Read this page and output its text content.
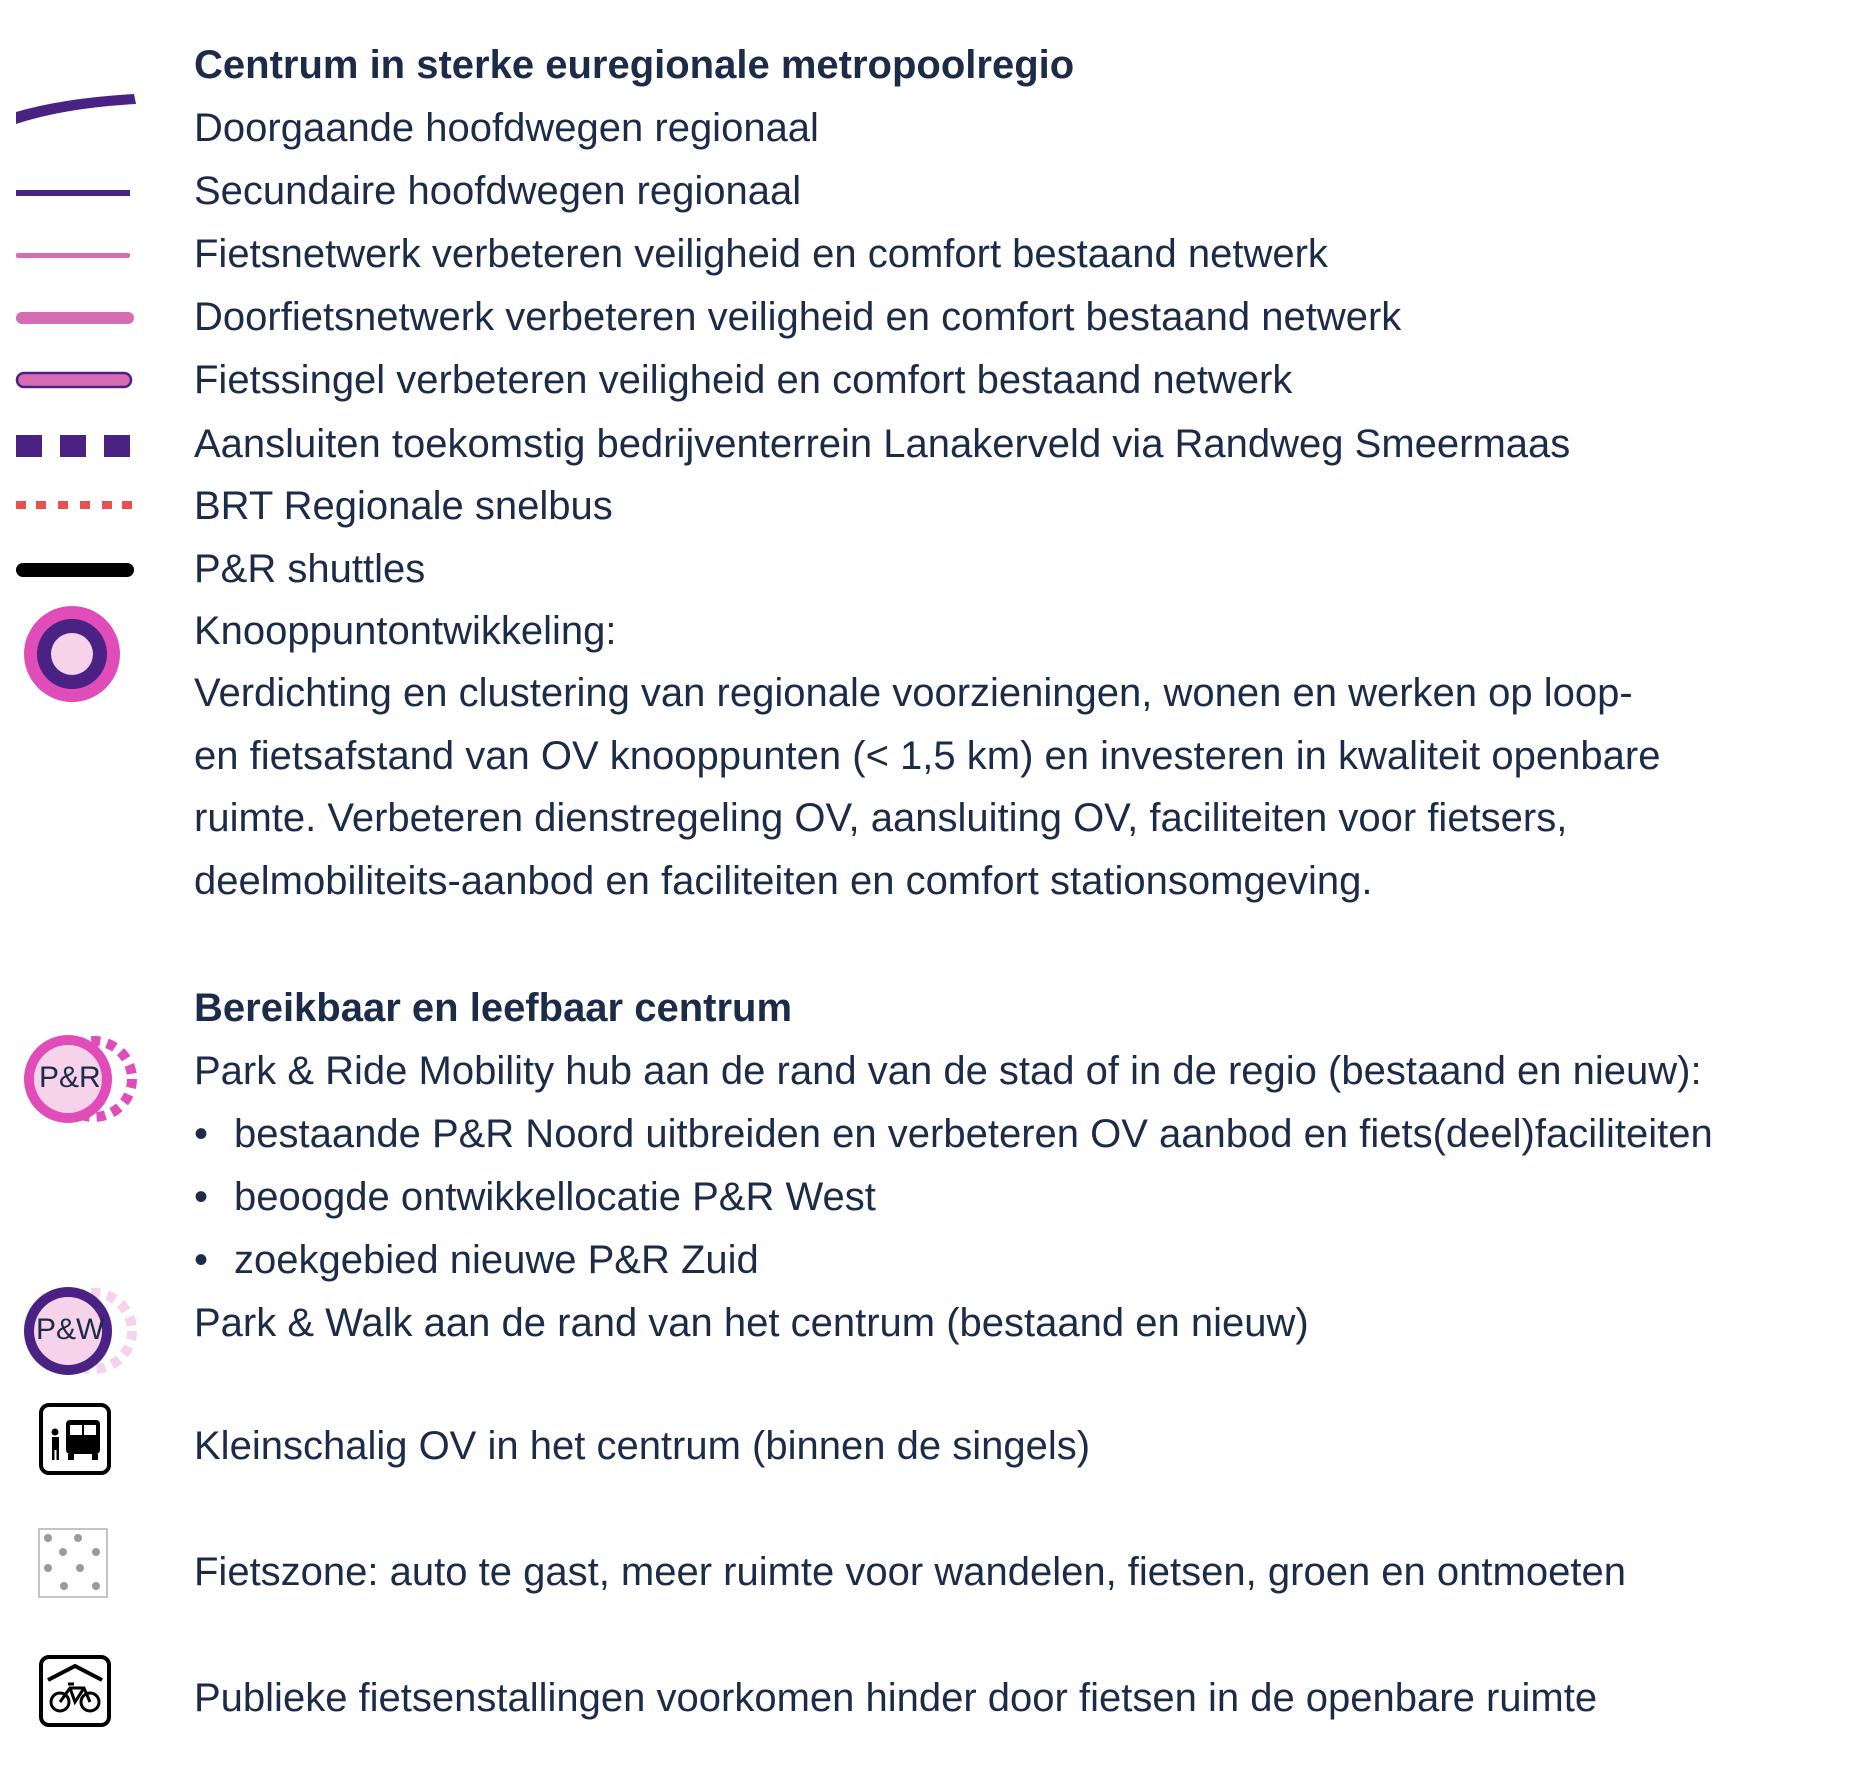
Centrum in sterke euregionale metropoolregio
Doorgaande hoofdwegen regionaal
Secundaire hoofdwegen regionaal
Fietsnetwerk verbeteren veiligheid en comfort bestaand netwerk
Doorfietsnetwerk verbeteren veiligheid en comfort bestaand netwerk
Fietssingel verbeteren veiligheid en comfort bestaand netwerk
Aansluiten toekomstig bedrijventerrein Lanakerveld via Randweg Smeermaas
BRT Regionale snelbus
P&R shuttles
Knooppuntontwikkeling:
Verdichting en clustering van regionale voorzieningen, wonen en werken op loop-
en fietsafstand van OV knooppunten (< 1,5 km) en investeren in kwaliteit openbare
ruimte. Verbeteren dienstregeling OV, aansluiting OV, faciliteiten voor fietsers,
deelmobiliteits-aanbod en faciliteiten en comfort stationsomgeving.
Bereikbaar en leefbaar centrum
P&R Park & Ride Mobility hub aan de rand van de stad of in de regio (bestaand en nieuw):
• bestaande P&R Noord uitbreiden en verbeteren OV aanbod en fiets(deel)faciliteiten
• beoogde ontwikkellocatie P&R West
• zoekgebied nieuwe P&R Zuid
P&W Park & Walk aan de rand van het centrum (bestaand en nieuw)
Kleinschalig OV in het centrum (binnen de singels)
Fietszone: auto te gast, meer ruimte voor wandelen, fietsen, groen en ontmoeten
Publieke fietsenstallingen voorkomen hinder door fietsen in de openbare ruimte
